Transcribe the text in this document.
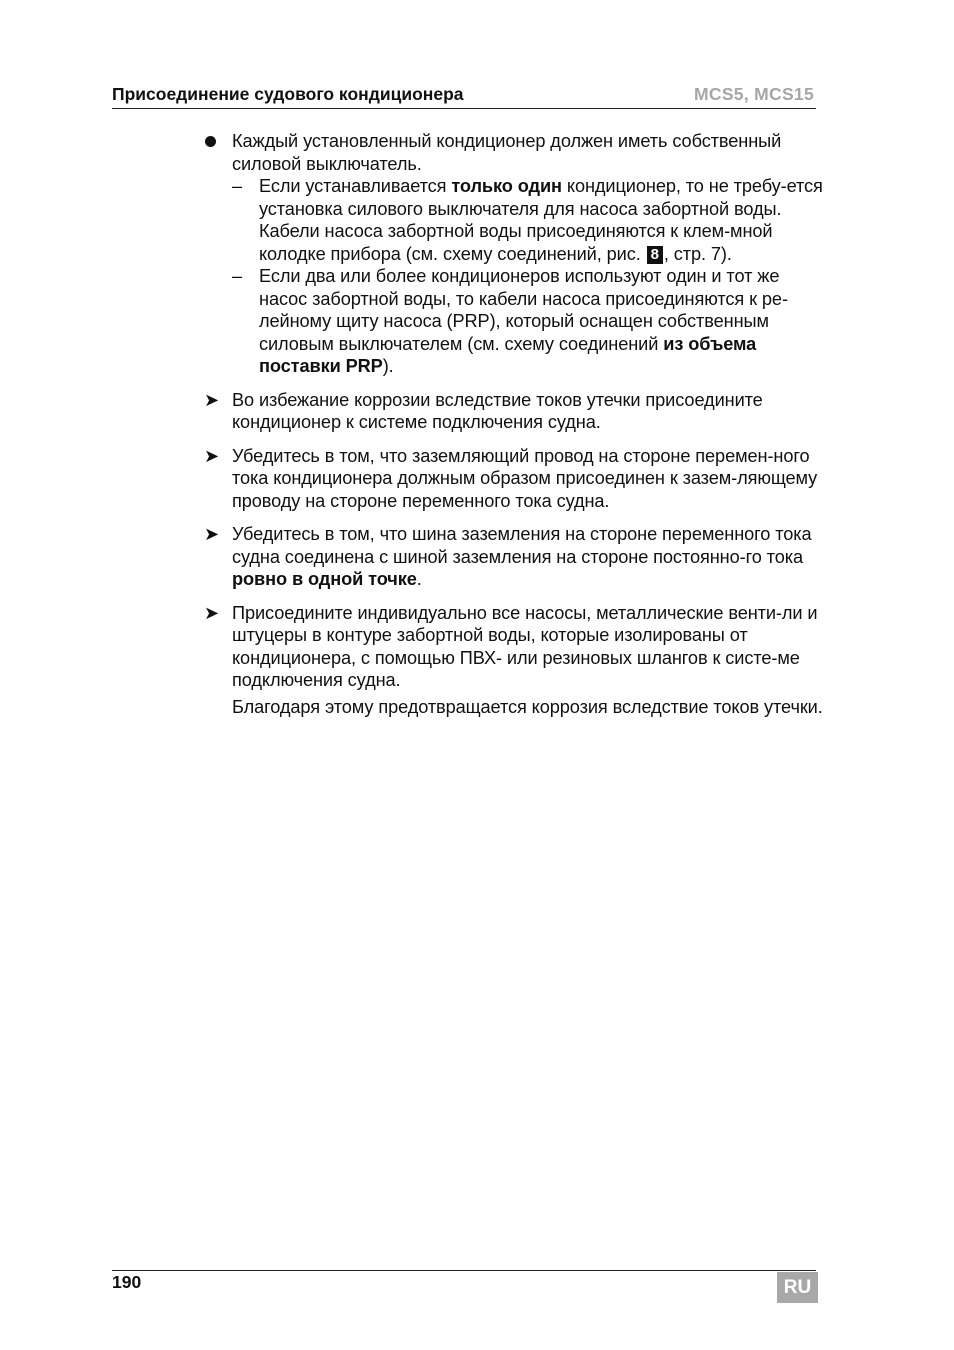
Присоединение судового кондиционера	MCS5, MCS15
Каждый установленный кондиционер должен иметь собственный силовой выключатель.
– Если устанавливается только один кондиционер, то не требу-ется установка силового выключателя для насоса забортной воды. Кабели насоса забортной воды присоединяются к клем-мной колодке прибора (см. схему соединений, рис. 8 , стр. 7).
– Если два или более кондиционеров используют один и тот же насос забортной воды, то кабели насоса присоединяются к ре-лейному щиту насоса (PRP), который оснащен собственным силовым выключателем (см. схему соединений из объема поставки PRP).
➤ Во избежание коррозии вследствие токов утечки присоедините кондиционер к системе подключения судна.
➤ Убедитесь в том, что заземляющий провод на стороне перемен-ного тока кондиционера должным образом присоединен к зазем-ляющему проводу на стороне переменного тока судна.
➤ Убедитесь в том, что шина заземления на стороне переменного тока судна соединена с шиной заземления на стороне постоянно-го тока ровно в одной точке.
➤ Присоедините индивидуально все насосы, металлические венти-ли и штуцеры в контуре забортной воды, которые изолированы от кондиционера, с помощью ПВХ- или резиновых шлангов к систе-ме подключения судна.
Благодаря этому предотвращается коррозия вследствие токов утечки.
190	RU
